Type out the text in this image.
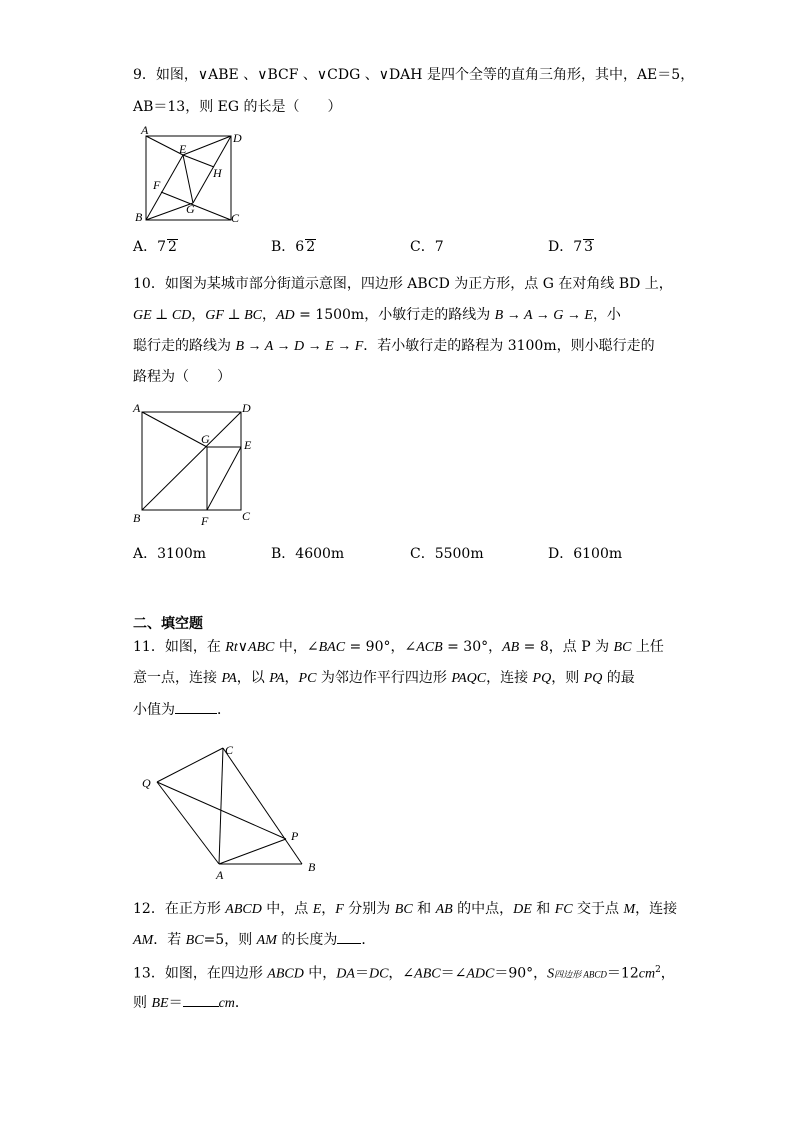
9．如图，∨ABE 、∨BCF 、∨CDG 、∨DAH 是四个全等的直角三角形，其中，AE＝5，
AB＝13，则 EG 的长是（　　）
A
D
E
H
F
G
B	C
A．7 2	B．6 2	C．7	D．7 3
10．如图为某城市部分街道示意图，四边形 ABCD 为正方形，点 G 在对角线 BD 上，
GE ⊥ CD，GF ⊥ BC，AD = 1500m，小敏行走的路线为 B → A → G → E，小
聪行走的路线为 B → A → D → E → F．若小敏行走的路程为 3100m，则小聪行走的
路程为（　　）
A	D
G	E
B	F	C
A．3100m	B．4600m	C．5500m	D．6100m
二、填空题
11．如图，在 Rt∨ABC 中，∠BAC = 90°，∠ACB = 30°，AB = 8，点 P 为 BC 上任
意一点，连接 PA，以 PA，PC 为邻边作平行四边形 PAQC，连接 PQ，则 PQ 的最
小值为	．
C
Q
P
A
B
12．在正方形 ABCD 中，点 E，F 分别为 BC 和 AB 的中点，DE 和 FC 交于点 M，连接
AM．若 BC=5，则 AM 的长度为 ．
13．如图，在四边形 ABCD 中，DA＝DC，∠ABC＝∠ADC＝90°，S四边形 $ABCD=12cm^2$，
则 BE＝	cm．
